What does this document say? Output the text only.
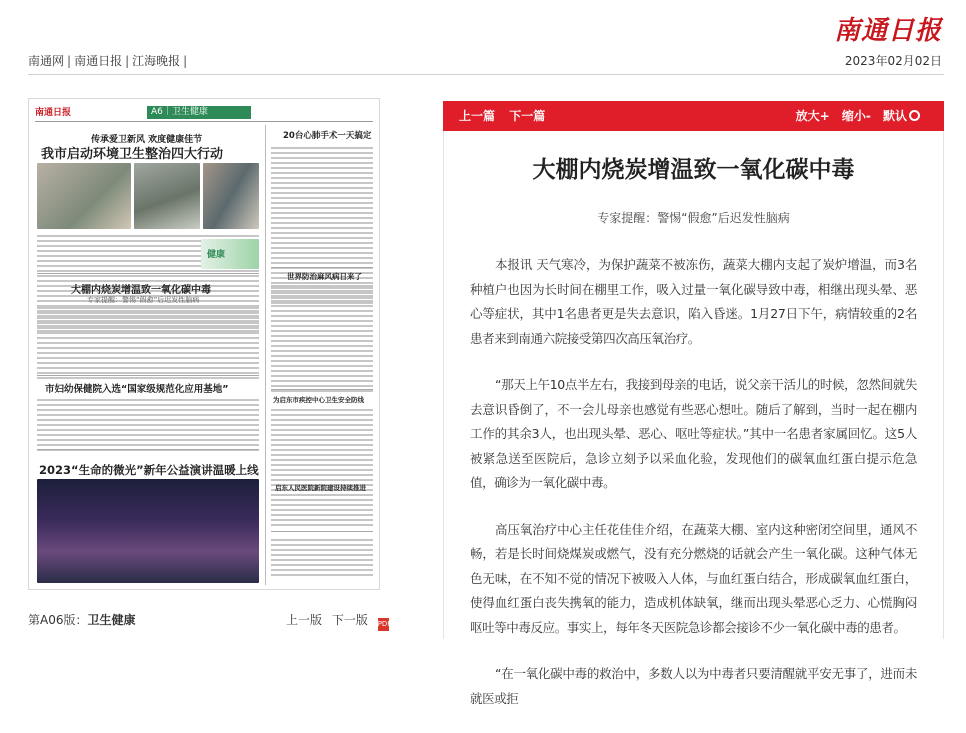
南通日报
南通网 | 南通日报 | 江海晚报 |	2023年02月02日
南通日报	A6｜卫生健康
传承爱卫新风 欢度健康佳节
我市启动环境卫生整治四大行动
健康
大棚内烧炭增温致一氧化碳中毒
专家提醒：警惕“假愈”后迟发性脑病
市妇幼保健院入选“国家级规范化应用基地”
2023“生命的微光”新年公益演讲温暖上线
20台心肺手术一天搞定
世界防治麻风病日来了
为启东市疾控中心卫生安全防线
启东人民医院新院建设持续推进
第A06版：卫生健康	上一版 下一版 PDF
上一篇 下一篇	放大+ 缩小- 默认
大棚内烧炭增温致一氧化碳中毒
专家提醒：警惕“假愈”后迟发性脑病

本报讯 天气寒冷，为保护蔬菜不被冻伤，蔬菜大棚内支起了炭炉增温，而3名种植户也因为长时间在棚里工作，吸入过量一氧化碳导致中毒，相继出现头晕、恶心等症状，其中1名患者更是失去意识，陷入昏迷。1月27日下午，病情较重的2名患者来到南通六院接受第四次高压氧治疗。

“那天上午10点半左右，我接到母亲的电话，说父亲干活儿的时候，忽然间就失去意识昏倒了，不一会儿母亲也感觉有些恶心想吐。随后了解到，当时一起在棚内工作的其余3人，也出现头晕、恶心、呕吐等症状。”其中一名患者家属回忆。这5人被紧急送至医院后，急诊立刻予以采血化验，发现他们的碳氧血红蛋白提示危急值，确诊为一氧化碳中毒。

高压氧治疗中心主任花佳佳介绍，在蔬菜大棚、室内这种密闭空间里，通风不畅，若是长时间烧煤炭或燃气，没有充分燃烧的话就会产生一氧化碳。这种气体无色无味，在不知不觉的情况下被吸入人体，与血红蛋白结合，形成碳氧血红蛋白，使得血红蛋白丧失携氧的能力，造成机体缺氧，继而出现头晕恶心乏力、心慌胸闷呕吐等中毒反应。事实上，每年冬天医院急诊都会接诊不少一氧化碳中毒的患者。

“在一氧化碳中毒的救治中，多数人以为中毒者只要清醒就平安无事了，进而未就医或拒
